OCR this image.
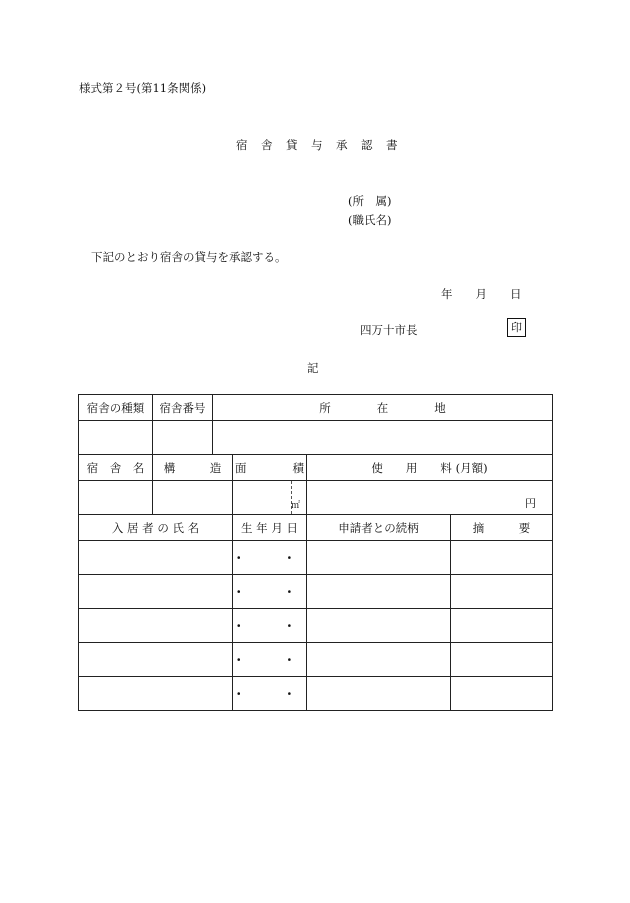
様式第２号(第11条関係)
宿　舎　貸　与　承　認　書
(所　属)
(職氏名)
下記のとおり宿舎の貸与を承認する。
年　　月　　日
四万十市長	印
記
宿舎の種類	宿舎番号	所　　　　在　　　　地			

宿　舎　名	構　　　造		面　　　　積	使　　用　　料 (月額)	

			㎡	円	

入 居 者 の 氏 名			生 年 月 日	申請者との続柄	摘　　　要
			・　・		
			・　・		
			・　・		
			・　・		
			・　・		
